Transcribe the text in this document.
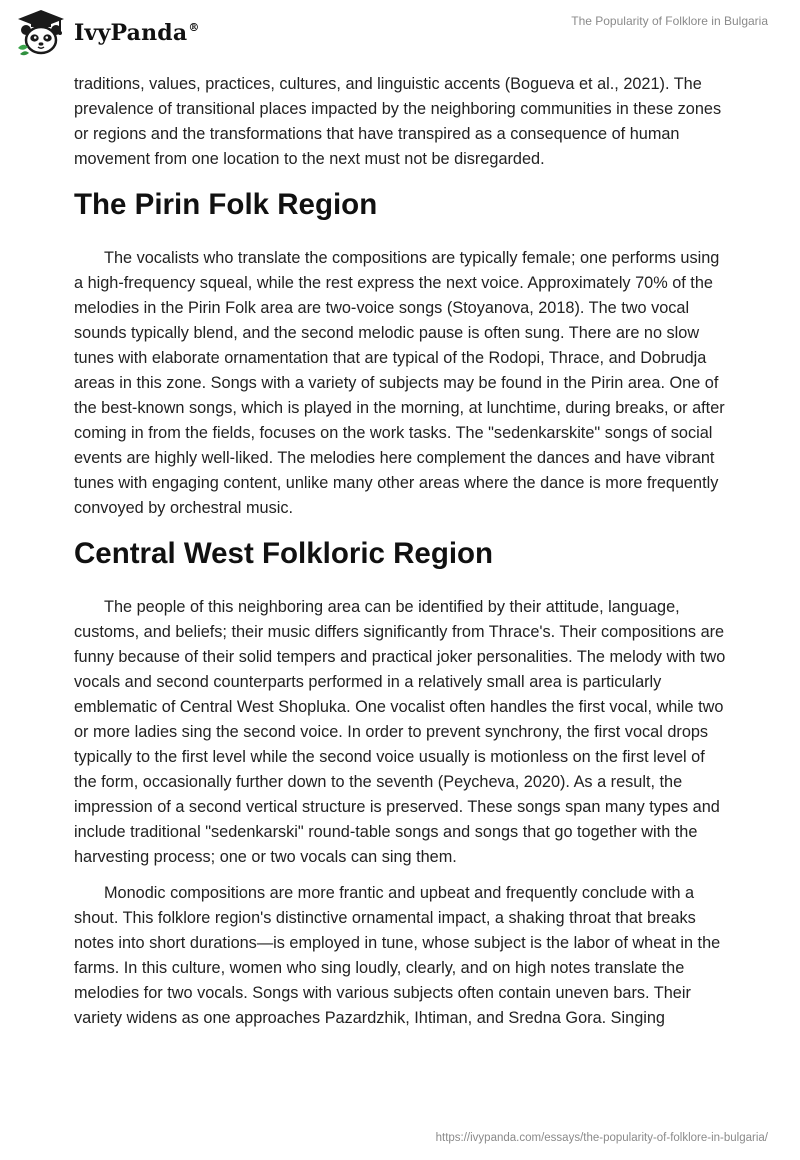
IvyPanda®	The Popularity of Folklore in Bulgaria

traditions, values, practices, cultures, and linguistic accents (Bogueva et al., 2021). The prevalence of transitional places impacted by the neighboring communities in these zones or regions and the transformations that have transpired as a consequence of human movement from one location to the next must not be disregarded.

The Pirin Folk Region

The vocalists who translate the compositions are typically female; one performs using a high-frequency squeal, while the rest express the next voice. Approximately 70% of the melodies in the Pirin Folk area are two-voice songs (Stoyanova, 2018). The two vocal sounds typically blend, and the second melodic pause is often sung. There are no slow tunes with elaborate ornamentation that are typical of the Rodopi, Thrace, and Dobrudja areas in this zone. Songs with a variety of subjects may be found in the Pirin area. One of the best-known songs, which is played in the morning, at lunchtime, during breaks, or after coming in from the fields, focuses on the work tasks. The "sedenkarskite" songs of social events are highly well-liked. The melodies here complement the dances and have vibrant tunes with engaging content, unlike many other areas where the dance is more frequently convoyed by orchestral music.

Central West Folkloric Region

The people of this neighboring area can be identified by their attitude, language, customs, and beliefs; their music differs significantly from Thrace's. Their compositions are funny because of their solid tempers and practical joker personalities. The melody with two vocals and second counterparts performed in a relatively small area is particularly emblematic of Central West Shopluka. One vocalist often handles the first vocal, while two or more ladies sing the second voice. In order to prevent synchrony, the first vocal drops typically to the first level while the second voice usually is motionless on the first level of the form, occasionally further down to the seventh (Peycheva, 2020). As a result, the impression of a second vertical structure is preserved. These songs span many types and include traditional "sedenkarski" round-table songs and songs that go together with the harvesting process; one or two vocals can sing them.

Monodic compositions are more frantic and upbeat and frequently conclude with a shout. This folklore region's distinctive ornamental impact, a shaking throat that breaks notes into short durations—is employed in tune, whose subject is the labor of wheat in the farms. In this culture, women who sing loudly, clearly, and on high notes translate the melodies for two vocals. Songs with various subjects often contain uneven bars. Their variety widens as one approaches Pazardzhik, Ihtiman, and Sredna Gora. Singing

https://ivypanda.com/essays/the-popularity-of-folklore-in-bulgaria/
